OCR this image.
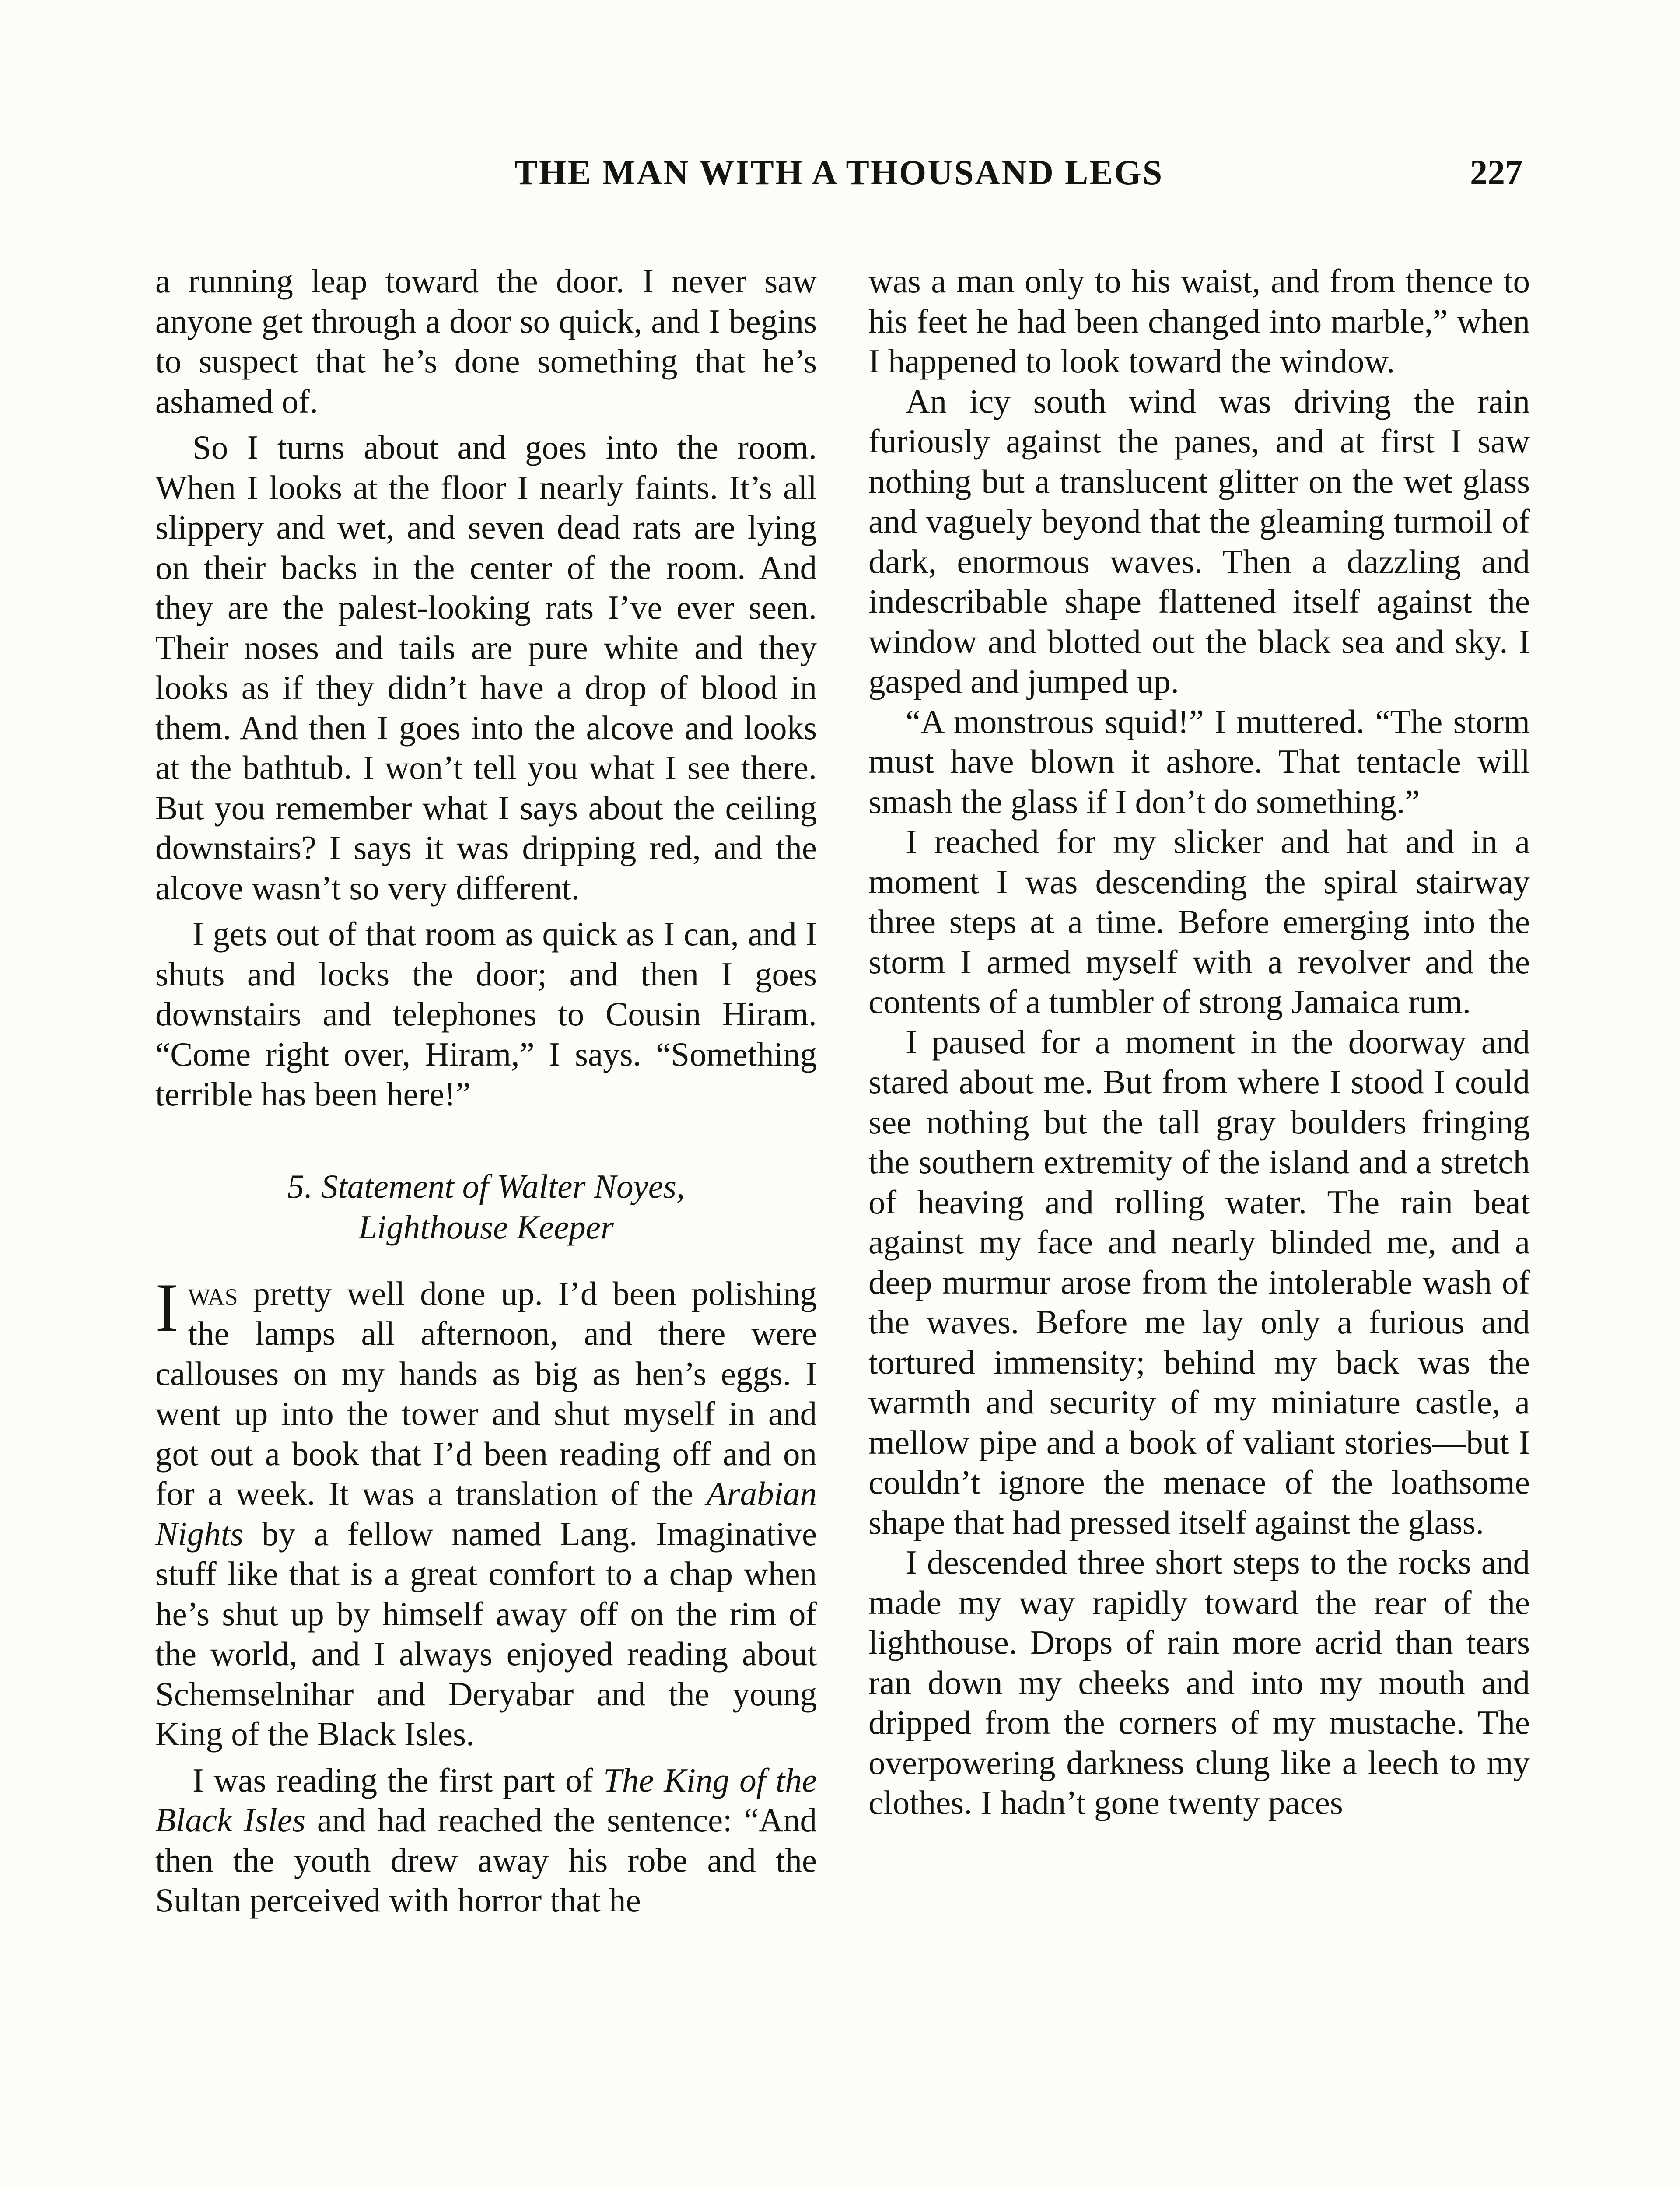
THE MAN WITH A THOUSAND LEGS	227

a running leap toward the door. I never saw anyone get through a door so quick, and I begins to suspect that he’s done something that he’s ashamed of.

So I turns about and goes into the room. When I looks at the floor I nearly faints. It’s all slippery and wet, and seven dead rats are lying on their backs in the center of the room. And they are the palest-looking rats I’ve ever seen. Their noses and tails are pure white and they looks as if they didn’t have a drop of blood in them. And then I goes into the alcove and looks at the bathtub. I won’t tell you what I see there. But you remember what I says about the ceiling downstairs? I says it was dripping red, and the alcove wasn’t so very different.

I gets out of that room as quick as I can, and I shuts and locks the door; and then I goes downstairs and telephones to Cousin Hiram. “Come right over, Hiram,” I says. “Something terrible has been here!”

5. Statement of Walter Noyes,
Lighthouse Keeper

Iwas pretty well done up. I’d been polishing the lamps all afternoon, and there were callouses on my hands as big as hen’s eggs. I went up into the tower and shut myself in and got out a book that I’d been reading off and on for a week. It was a translation of the Arabian Nights by a fellow named Lang. Imaginative stuff like that is a great comfort to a chap when he’s shut up by himself away off on the rim of the world, and I always enjoyed reading about Schemselnihar and Deryabar and the young King of the Black Isles.

I was reading the first part of The King of the Black Isles and had reached the sentence: “And then the youth drew away his robe and the Sultan perceived with horror that he

was a man only to his waist, and from thence to his feet he had been changed into marble,” when I happened to look toward the window.

An icy south wind was driving the rain furiously against the panes, and at first I saw nothing but a translucent glitter on the wet glass and vaguely beyond that the gleaming turmoil of dark, enormous waves. Then a dazzling and indescribable shape flattened itself against the window and blotted out the black sea and sky. I gasped and jumped up.

“A monstrous squid!” I muttered. “The storm must have blown it ashore. That tentacle will smash the glass if I don’t do something.”

I reached for my slicker and hat and in a moment I was descending the spiral stairway three steps at a time. Before emerging into the storm I armed myself with a revolver and the contents of a tumbler of strong Jamaica rum.

I paused for a moment in the doorway and stared about me. But from where I stood I could see nothing but the tall gray boulders fringing the southern extremity of the island and a stretch of heaving and rolling water. The rain beat against my face and nearly blinded me, and a deep murmur arose from the intolerable wash of the waves. Before me lay only a furious and tortured immensity; behind my back was the warmth and security of my miniature castle, a mellow pipe and a book of valiant stories—but I couldn’t ignore the menace of the loathsome shape that had pressed itself against the glass.

I descended three short steps to the rocks and made my way rapidly toward the rear of the lighthouse. Drops of rain more acrid than tears ran down my cheeks and into my mouth and dripped from the corners of my mustache. The overpowering darkness clung like a leech to my clothes. I hadn’t gone twenty paces
